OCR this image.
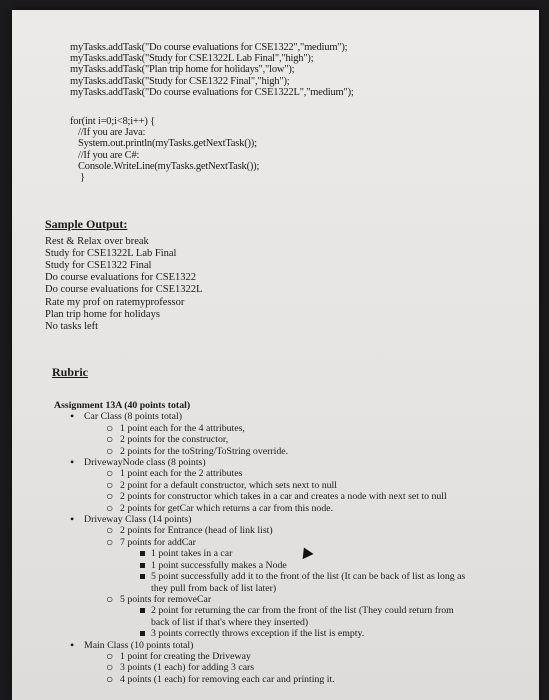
myTasks.addTask("Do course evaluations for CSE1322","medium");
myTasks.addTask("Study for CSE1322L Lab Final","high");
myTasks.addTask("Plan trip home for holidays","low");
myTasks.addTask("Study for CSE1322 Final","high");
myTasks.addTask("Do course evaluations for CSE1322L","medium");
for(int i=0;i<8;i++) {
//If you are Java:
System.out.println(myTasks.getNextTask());
//If you are C#:
Console.WriteLine(myTasks.getNextTask());
}
Sample Output:
Rest & Relax over break
Study for CSE1322L Lab Final
Study for CSE1322 Final
Do course evaluations for CSE1322
Do course evaluations for CSE1322L
Rate my prof on ratemyprofessor
Plan trip home for holidays
No tasks left
Rubric
Assignment 13A (40 points total)
• Car Class (8 points total)
○ 1 point each for the 4 attributes,
○ 2 points for the constructor,
○ 2 points for the toString/ToString override.
• DrivewayNode class (8 points)
○ 1 point each for the 2 attributes
○ 2 point for a default constructor, which sets next to null
○ 2 points for constructor which takes in a car and creates a node with next set to null
○ 2 points for getCar which returns a car from this node.
• Driveway Class (14 points)
○ 2 points for Entrance (head of link list)
○ 7 points for addCar
1 point takes in a car
1 point successfully makes a Node
5 point successfully add it to the front of the list (It can be back of list as long as they pull from back of list later)
○ 5 points for removeCar
2 point for returning the car from the front of the list (They could return from back of list if that's where they inserted)
3 points correctly throws exception if the list is empty.
• Main Class (10 points total)
○ 1 point for creating the Driveway
○ 3 points (1 each) for adding 3 cars
○ 4 points (1 each) for removing each car and printing it.
